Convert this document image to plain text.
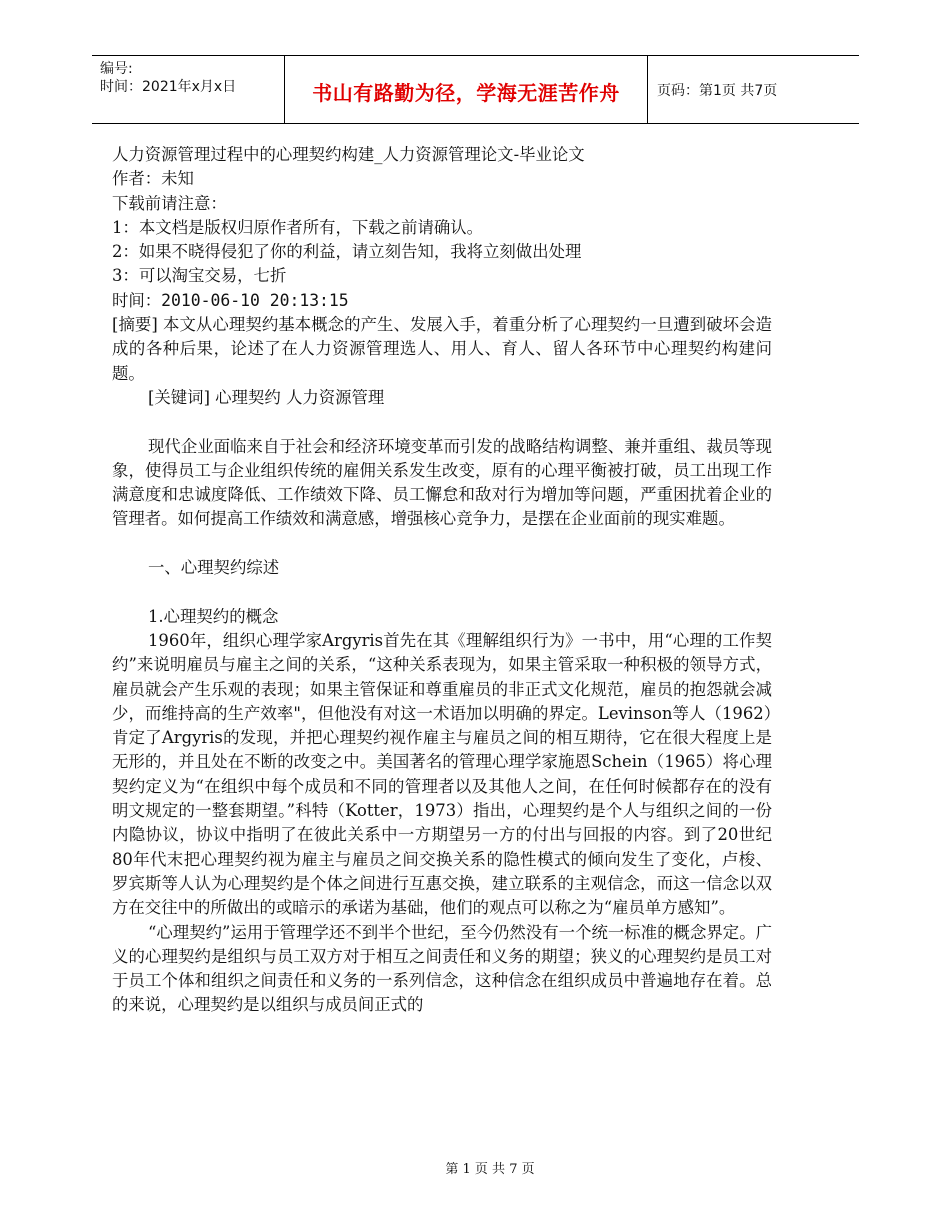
编号:
时间：2021年x月x日	书山有路勤为径，学海无涯苦作舟	页码：第1页 共7页

人力资源管理过程中的心理契约构建_人力资源管理论文-毕业论文

作者：未知

下载前请注意：

1：本文档是版权归原作者所有，下载之前请确认。

2：如果不晓得侵犯了你的利益，请立刻告知，我将立刻做出处理

3：可以淘宝交易，七折

时间：2010-06-10 20:13:15

[摘要] 本文从心理契约基本概念的产生、发展入手，着重分析了心理契约一旦遭到破坏会造成的各种后果，论述了在人力资源管理选人、用人、育人、留人各环节中心理契约构建问题。

[关键词] 心理契约 人力资源管理

现代企业面临来自于社会和经济环境变革而引发的战略结构调整、兼并重组、裁员等现象，使得员工与企业组织传统的雇佣关系发生改变，原有的心理平衡被打破，员工出现工作满意度和忠诚度降低、工作绩效下降、员工懈怠和敌对行为增加等问题，严重困扰着企业的管理者。如何提高工作绩效和满意感，增强核心竞争力，是摆在企业面前的现实难题。

一、心理契约综述

1.心理契约的概念

1960年，组织心理学家Argyris首先在其《理解组织行为》一书中，用“心理的工作契约”来说明雇员与雇主之间的关系，“这种关系表现为，如果主管采取一种积极的领导方式，雇员就会产生乐观的表现；如果主管保证和尊重雇员的非正式文化规范，雇员的抱怨就会减少，而维持高的生产效率"，但他没有对这一术语加以明确的界定。Levinson等人（1962）肯定了Argyris的发现，并把心理契约视作雇主与雇员之间的相互期待，它在很大程度上是无形的，并且处在不断的改变之中。美国著名的管理心理学家施恩Schein（1965）将心理契约定义为“在组织中每个成员和不同的管理者以及其他人之间，在任何时候都存在的没有明文规定的一整套期望。”科特（Kotter，1973）指出，心理契约是个人与组织之间的一份内隐协议，协议中指明了在彼此关系中一方期望另一方的付出与回报的内容。到了20世纪80年代末把心理契约视为雇主与雇员之间交换关系的隐性模式的倾向发生了变化，卢梭、罗宾斯等人认为心理契约是个体之间进行互惠交换，建立联系的主观信念，而这一信念以双方在交往中的所做出的或暗示的承诺为基础，他们的观点可以称之为“雇员单方感知”。

“心理契约”运用于管理学还不到半个世纪，至今仍然没有一个统一标准的概念界定。广义的心理契约是组织与员工双方对于相互之间责任和义务的期望；狭义的心理契约是员工对于员工个体和组织之间责任和义务的一系列信念，这种信念在组织成员中普遍地存在着。总的来说，心理契约是以组织与成员间正式的

第 1 页 共 7 页
